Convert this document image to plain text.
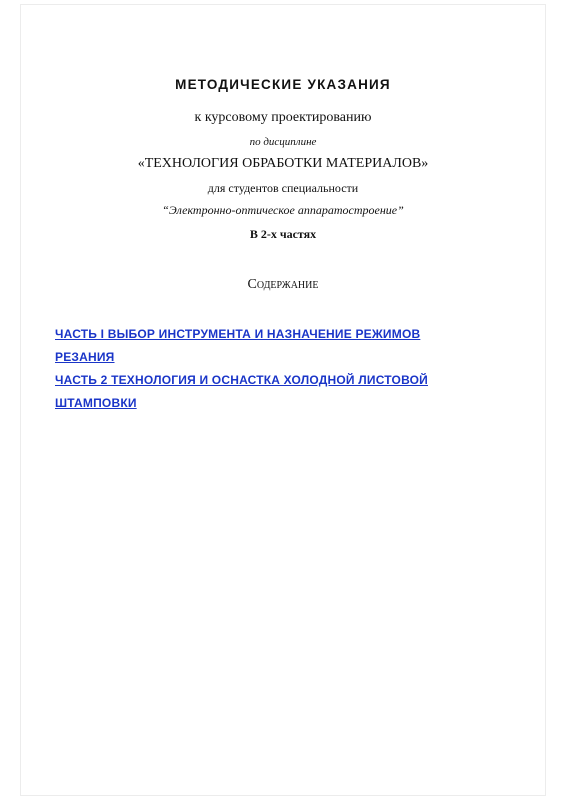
МЕТОДИЧЕСКИЕ УКАЗАНИЯ
к курсовому проектированию
по дисциплине
«ТЕХНОЛОГИЯ ОБРАБОТКИ МАТЕРИАЛОВ»
для студентов специальности
“Электронно-оптическое аппаратостроение”
В 2-х частях
Содержание
ЧАСТЬ I ВЫБОР ИНСТРУМЕНТА И НАЗНАЧЕНИЕ РЕЖИМОВ РЕЗАНИЯ
ЧАСТЬ 2 ТЕХНОЛОГИЯ И ОСНАСТКА ХОЛОДНОЙ ЛИСТОВОЙ ШТАМПОВКИ
